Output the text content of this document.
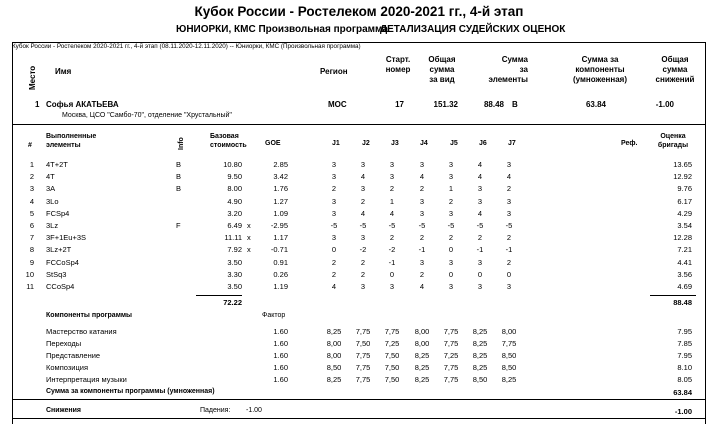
Кубок России - Ростелеком 2020-2021 гг., 4-й этап
ЮНИОРКИ, КМС Произвольная программа
ДЕТАЛИЗАЦИЯ СУДЕЙСКИХ ОЦЕНОК
Кубок России - Ростелеком 2020-2021 гг., 4-й этап (08.11.2020-12.11.2020) -- Юниорки, КМС (Произвольная программа)
Место Имя	Регион
Старт.
номер
Общая
сумма
за вид
Сумма
за
элементы
Сумма за
компоненты
(умноженная)
Общая
сумма
снижений
1 Софья АКАТЬЕВА	МОС	17	151.32	88.48 B	63.84	-1.00
Москва, ЦСО "Самбо-70", отделение "Хрустальный"
#
Выполненные
элементы	Info
Базовая
стоимость	GOE	J1	J2	J3	J4	J5	J6	J7	Реф.
Оценка
бригады
1 4T+2T	B	10.80	2.85	3	3	3	3	3	4	3	13.65
2 4T	B	9.50	3.42	3	4	3	4	3	4	4	12.92
3 3A	B	8.00	1.76	2	3	2	2	1	3	2	9.76
4 3Lo	4.90	1.27	3	2	1	3	2	3	3	6.17
5 FCSp4	3.20	1.09	3	4	4	3	3	4	3	4.29
6 3Lz	F	6.49 x	-2.95	-5	-5	-5	-5	-5	-5	-5	3.54
7 3F+1Eu+3S	11.11 x	1.17	3	3	2	2	2	2	2	12.28
8 3Lz+2T	7.92 x	-0.71	0	-2	-2	-1	0	-1	-1	7.21
9 FCCoSp4	3.50	0.91	2	2	-1	3	3	3	2	4.41
10 StSq3	3.30	0.26	2	2	0	2	0	0	0	3.56
11 CCoSp4	3.50	1.19	4	3	3	4	3	3	3	4.69
72.22	88.48
Компоненты программы	Фактор
Мастерство катания	1.60	8,25	7,75	7,75	8,00	7,75	8,25	8,00	7.95
Переходы	1.60	8,00	7,50	7,25	8,00	7,75	8,25	7,75	7.85
Представление	1.60	8,00	7,75	7,50	8,25	7,25	8,25	8,50	7.95
Композиция	1.60	8,50	7,75	7,50	8,25	7,75	8,25	8,50	8.10
Интерпретация музыки	1.60	8,25	7,75	7,50	8,25	7,75	8,50	8,25	8.05
Сумма за компоненты программы (умноженная)	63.84
Снижения	Падения: -1.00	-1.00
